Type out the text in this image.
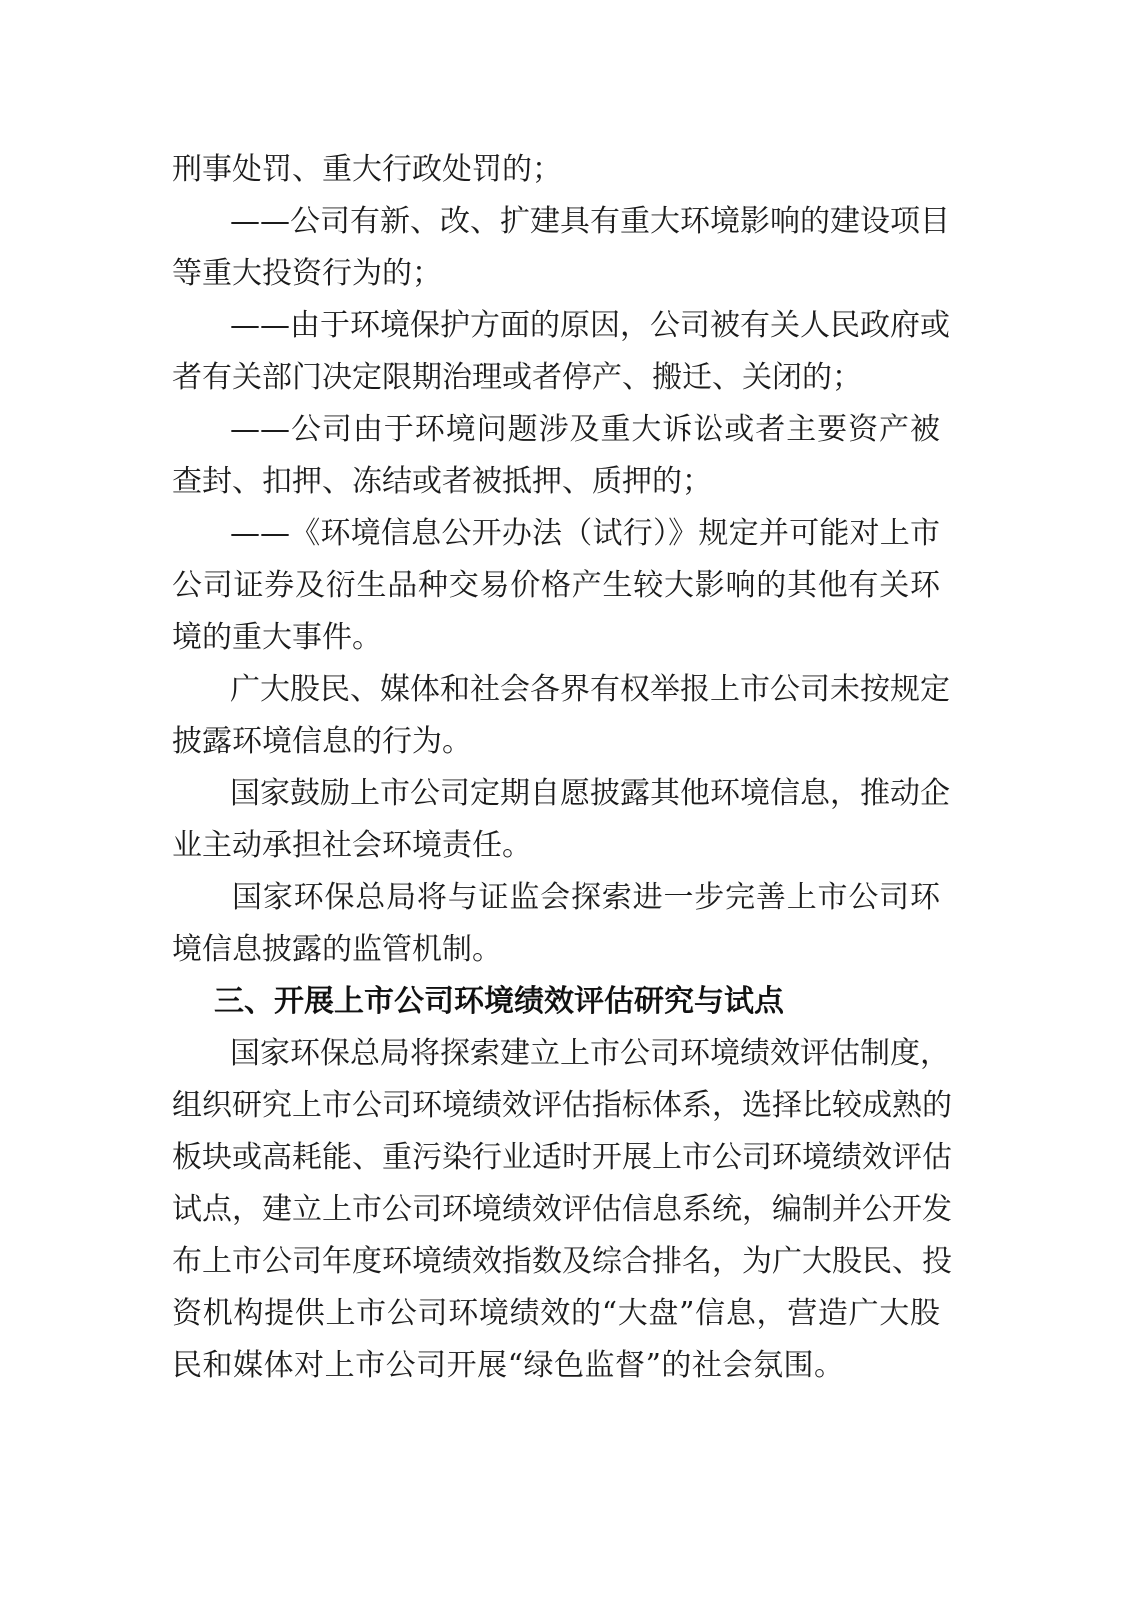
刑事处罚、重大行政处罚的；
——公司有新、改、扩建具有重大环境影响的建设项目
等重大投资行为的；
——由于环境保护方面的原因，公司被有关人民政府或
者有关部门决定限期治理或者停产、搬迁、关闭的；
——公司由于环境问题涉及重大诉讼或者主要资产被
查封、扣押、冻结或者被抵押、质押的；
——《环境信息公开办法（试行）》规定并可能对上市
公司证券及衍生品种交易价格产生较大影响的其他有关环
境的重大事件。
广大股民、媒体和社会各界有权举报上市公司未按规定
披露环境信息的行为。
国家鼓励上市公司定期自愿披露其他环境信息，推动企
业主动承担社会环境责任。
国家环保总局将与证监会探索进一步完善上市公司环
境信息披露的监管机制。
三、开展上市公司环境绩效评估研究与试点
国家环保总局将探索建立上市公司环境绩效评估制度，
组织研究上市公司环境绩效评估指标体系，选择比较成熟的
板块或高耗能、重污染行业适时开展上市公司环境绩效评估
试点，建立上市公司环境绩效评估信息系统，编制并公开发
布上市公司年度环境绩效指数及综合排名，为广大股民、投
资机构提供上市公司环境绩效的“大盘”信息，营造广大股
民和媒体对上市公司开展“绿色监督”的社会氛围。
